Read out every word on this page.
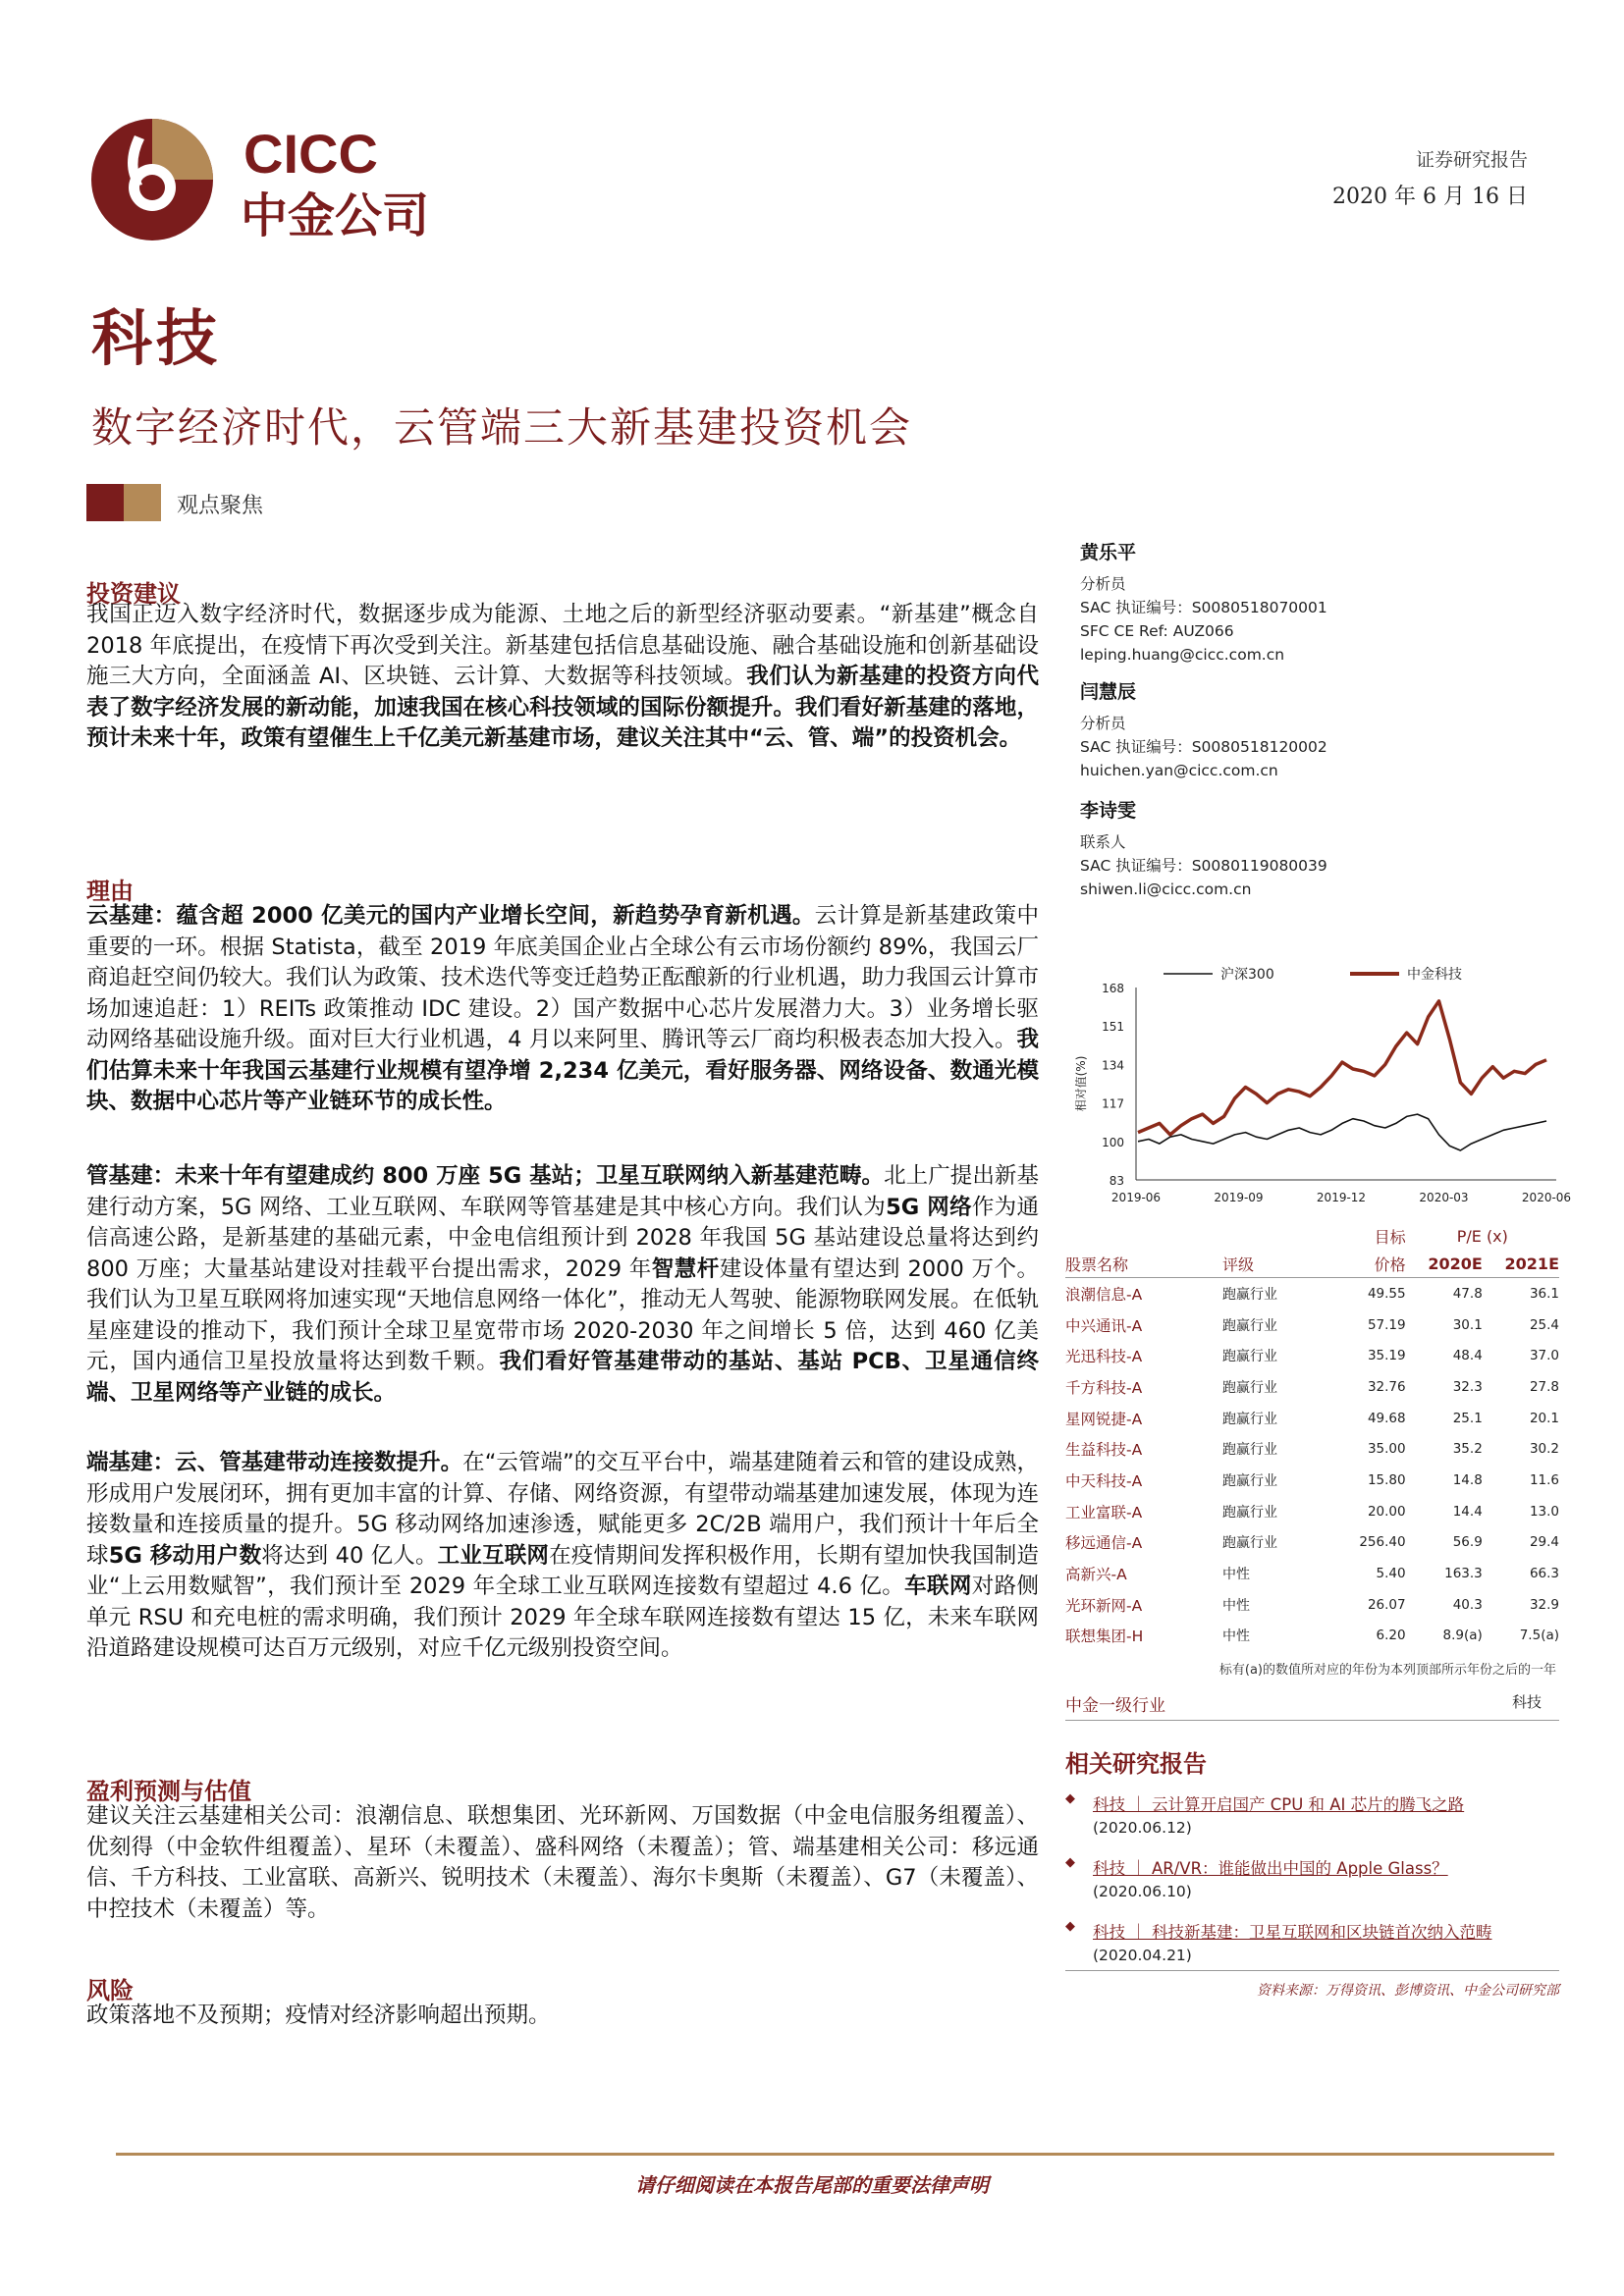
CICC
中金公司
证券研究报告
2020 年 6 月 16 日
科技
数字经济时代，云管端三大新基建投资机会
观点聚焦
投资建议
我国正迈入数字经济时代，数据逐步成为能源、土地之后的新型经济驱动要素。“新基建”概念自 2018 年底提出，在疫情下再次受到关注。新基建包括信息基础设施、融合基础设施和创新基础设施三大方向，全面涵盖 AI、区块链、云计算、大数据等科技领域。我们认为新基建的投资方向代表了数字经济发展的新动能，加速我国在核心科技领域的国际份额提升。我们看好新基建的落地，预计未来十年，政策有望催生上千亿美元新基建市场，建议关注其中“云、管、端”的投资机会。
理由
云基建：蕴含超 2000 亿美元的国内产业增长空间，新趋势孕育新机遇。云计算是新基建政策中重要的一环。根据 Statista，截至 2019 年底美国企业占全球公有云市场份额约 89%，我国云厂商追赶空间仍较大。我们认为政策、技术迭代等变迁趋势正酝酿新的行业机遇，助力我国云计算市场加速追赶：1）REITs 政策推动 IDC 建设。2）国产数据中心芯片发展潜力大。3）业务增长驱动网络基础设施升级。面对巨大行业机遇，4 月以来阿里、腾讯等云厂商均积极表态加大投入。我们估算未来十年我国云基建行业规模有望净增 2,234 亿美元，看好服务器、网络设备、数通光模块、数据中心芯片等产业链环节的成长性。
管基建：未来十年有望建成约 800 万座 5G 基站；卫星互联网纳入新基建范畴。北上广提出新基建行动方案，5G 网络、工业互联网、车联网等管基建是其中核心方向。我们认为5G 网络作为通信高速公路，是新基建的基础元素，中金电信组预计到 2028 年我国 5G 基站建设总量将达到约 800 万座；大量基站建设对挂载平台提出需求，2029 年智慧杆建设体量有望达到 2000 万个。我们认为卫星互联网将加速实现“天地信息网络一体化”，推动无人驾驶、能源物联网发展。在低轨星座建设的推动下，我们预计全球卫星宽带市场 2020-2030 年之间增长 5 倍，达到 460 亿美元，国内通信卫星投放量将达到数千颗。我们看好管基建带动的基站、基站 PCB、卫星通信终端、卫星网络等产业链的成长。
端基建：云、管基建带动连接数提升。在“云管端”的交互平台中，端基建随着云和管的建设成熟，形成用户发展闭环，拥有更加丰富的计算、存储、网络资源，有望带动端基建加速发展，体现为连接数量和连接质量的提升。5G 移动网络加速渗透，赋能更多 2C/2B 端用户，我们预计十年后全球5G 移动用户数将达到 40 亿人。工业互联网在疫情期间发挥积极作用，长期有望加快我国制造业“上云用数赋智”，我们预计至 2029 年全球工业互联网连接数有望超过 4.6 亿。车联网对路侧单元 RSU 和充电桩的需求明确，我们预计 2029 年全球车联网连接数有望达 15 亿，未来车联网沿道路建设规模可达百万元级别，对应千亿元级别投资空间。
盈利预测与估值
建议关注云基建相关公司：浪潮信息、联想集团、光环新网、万国数据（中金电信服务组覆盖）、优刻得（中金软件组覆盖）、星环（未覆盖）、盛科网络（未覆盖）；管、端基建相关公司：移远通信、千方科技、工业富联、高新兴、锐明技术（未覆盖）、海尔卡奥斯（未覆盖）、G7（未覆盖）、中控技术（未覆盖）等。
风险
政策落地不及预期；疫情对经济影响超出预期。
黄乐平
分析员
SAC 执证编号：S0080518070001
SFC CE Ref: AUZ066
leping.huang@cicc.com.cn
闫慧辰
分析员
SAC 执证编号：S0080518120002
huichen.yan@cicc.com.cn
李诗雯
联系人
SAC 执证编号：S0080119080039
shiwen.li@cicc.com.cn
沪深300	中金科技
168
151
134
117
100
83
相对值(%)
2019-06	2019-09	2019-12	2020-03	2020-06
		目标	P/E (x)	
股票名称	评级	价格	2020E	2021E
浪潮信息-A	跑赢行业	49.55	47.8	36.1
中兴通讯-A	跑赢行业	57.19	30.1	25.4
光迅科技-A	跑赢行业	35.19	48.4	37.0
千方科技-A	跑赢行业	32.76	32.3	27.8
星网锐捷-A	跑赢行业	49.68	25.1	20.1
生益科技-A	跑赢行业	35.00	35.2	30.2
中天科技-A	跑赢行业	15.80	14.8	11.6
工业富联-A	跑赢行业	20.00	14.4	13.0
移远通信-A	跑赢行业	256.40	56.9	29.4
高新兴-A	中性	5.40	163.3	66.3
光环新网-A	中性	26.07	40.3	32.9
联想集团-H	中性	6.20	8.9(a)	7.5(a)
标有(a)的数值所对应的年份为本列顶部所示年份之后的一年
中金一级行业	科技
相关研究报告
◆ 科技 ｜ 云计算开启国产 CPU 和 AI 芯片的腾飞之路
(2020.06.12)
◆ 科技 ｜ AR/VR：谁能做出中国的 Apple Glass？
(2020.06.10)
◆ 科技 ｜ 科技新基建：卫星互联网和区块链首次纳入范畴
(2020.04.21)
资料来源：万得资讯、彭博资讯、中金公司研究部
请仔细阅读在本报告尾部的重要法律声明
